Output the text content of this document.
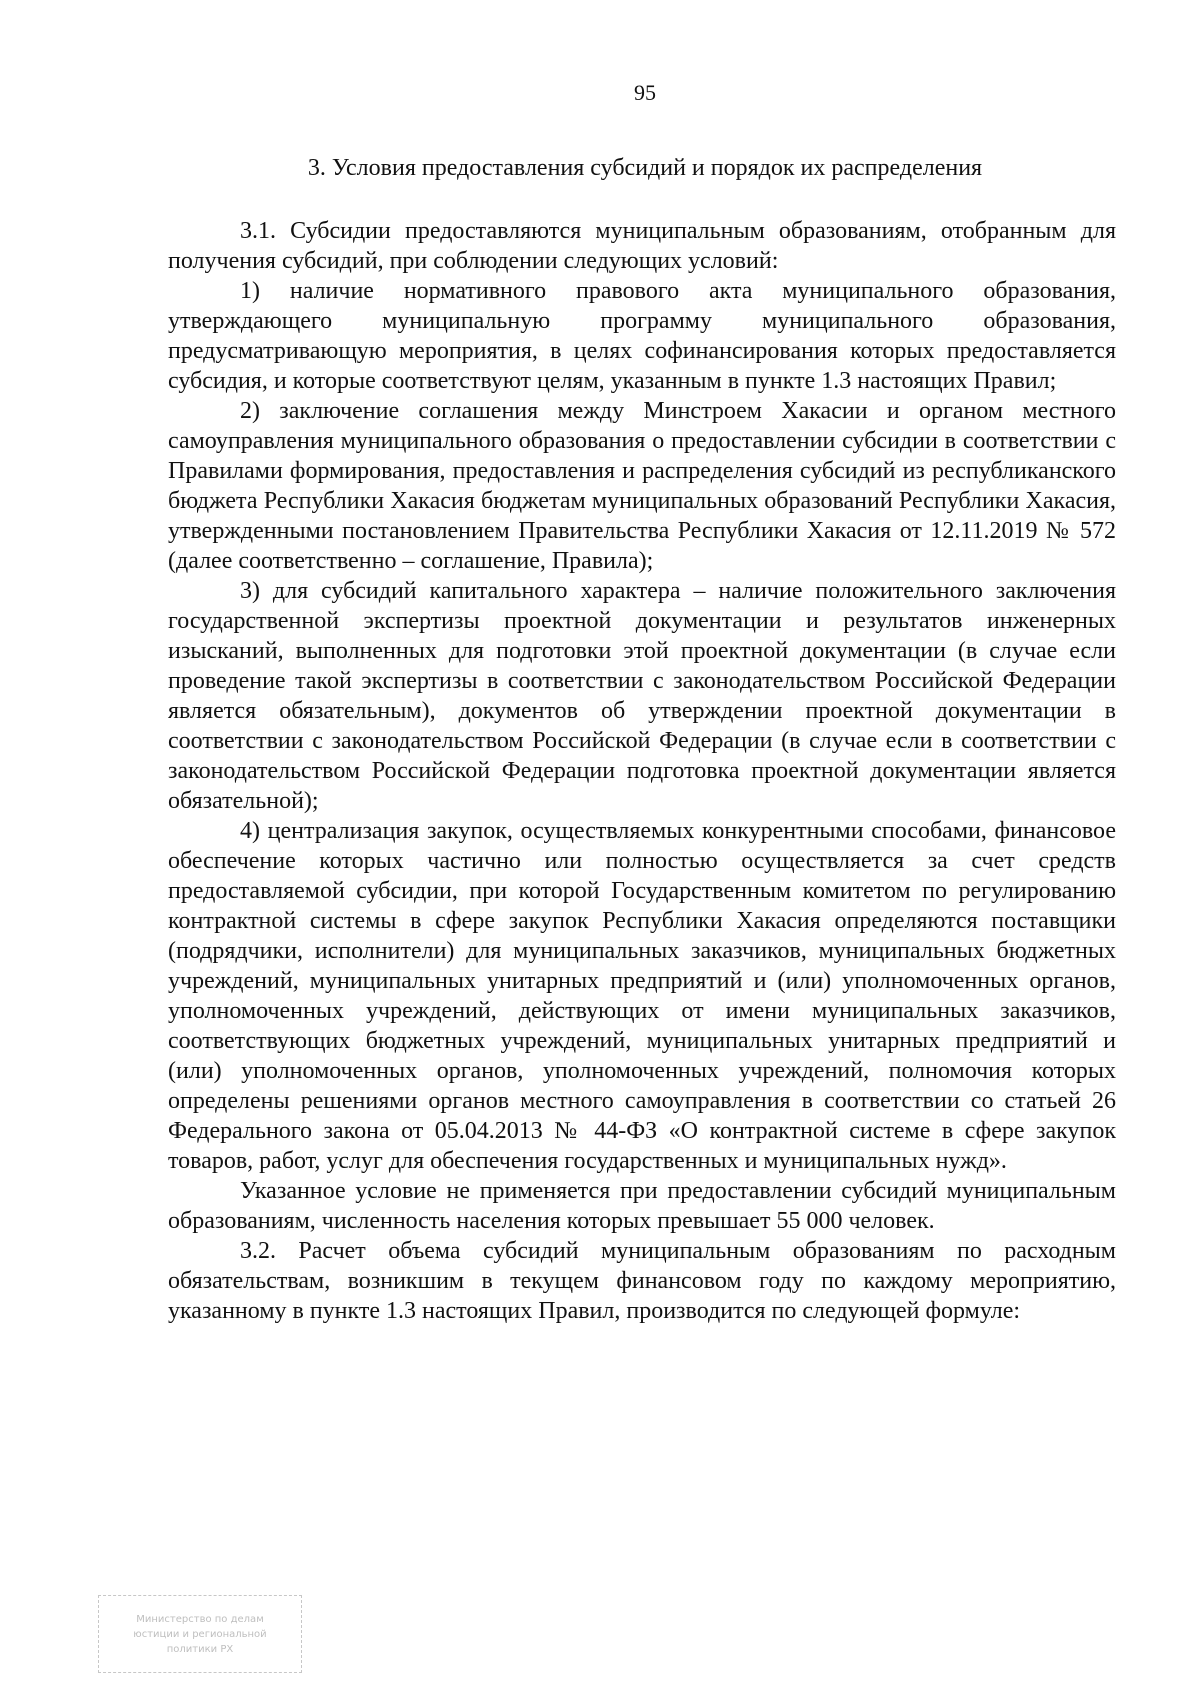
95
3. Условия предоставления субсидий и порядок их распределения

3.1. Субсидии предоставляются муниципальным образованиям, отобранным для получения субсидий, при соблюдении следующих условий:

1) наличие нормативного правового акта муниципального образования, утверждающего муниципальную программу муниципального образования, предусматривающую мероприятия, в целях софинансирования которых предоставляется субсидия, и которые соответствуют целям, указанным в пункте 1.3 настоящих Правил;

2) заключение соглашения между Минстроем Хакасии и органом местного самоуправления муниципального образования о предоставлении субсидии в соответствии с Правилами формирования, предоставления и распределения субсидий из республиканского бюджета Республики Хакасия бюджетам муниципальных образований Республики Хакасия, утвержденными постановлением Правительства Республики Хакасия от 12.11.2019 № 572 (далее соответственно – соглашение, Правила);

3) для субсидий капитального характера – наличие положительного заключения государственной экспертизы проектной документации и результатов инженерных изысканий, выполненных для подготовки этой проектной документации (в случае если проведение такой экспертизы в соответствии с законодательством Российской Федерации является обязательным), документов об утверждении проектной документации в соответствии с законодательством Российской Федерации (в случае если в соответствии с законодательством Российской Федерации подготовка проектной документации является обязательной);

4) централизация закупок, осуществляемых конкурентными способами, финансовое обеспечение которых частично или полностью осуществляется за счет средств предоставляемой субсидии, при которой Государственным комитетом по регулированию контрактной системы в сфере закупок Республики Хакасия определяются поставщики (подрядчики, исполнители) для муниципальных заказчиков, муниципальных бюджетных учреждений, муниципальных унитарных предприятий и (или) уполномоченных органов, уполномоченных учреждений, действующих от имени муниципальных заказчиков, соответствующих бюджетных учреждений, муниципальных унитарных предприятий и (или) уполномоченных органов, уполномоченных учреждений, полномочия которых определены решениями органов местного самоуправления в соответствии со статьей 26 Федерального закона от 05.04.2013 № 44-ФЗ «О контрактной системе в сфере закупок товаров, работ, услуг для обеспечения государственных и муниципальных нужд».

Указанное условие не применяется при предоставлении субсидий муниципальным образованиям, численность населения которых превышает 55 000 человек.

3.2. Расчет объема субсидий муниципальным образованиям по расходным обязательствам, возникшим в текущем финансовом году по каждому мероприятию, указанному в пункте 1.3 настоящих Правил, производится по следующей формуле:

Министерство по делам
юстиции и региональной
политики РХ
